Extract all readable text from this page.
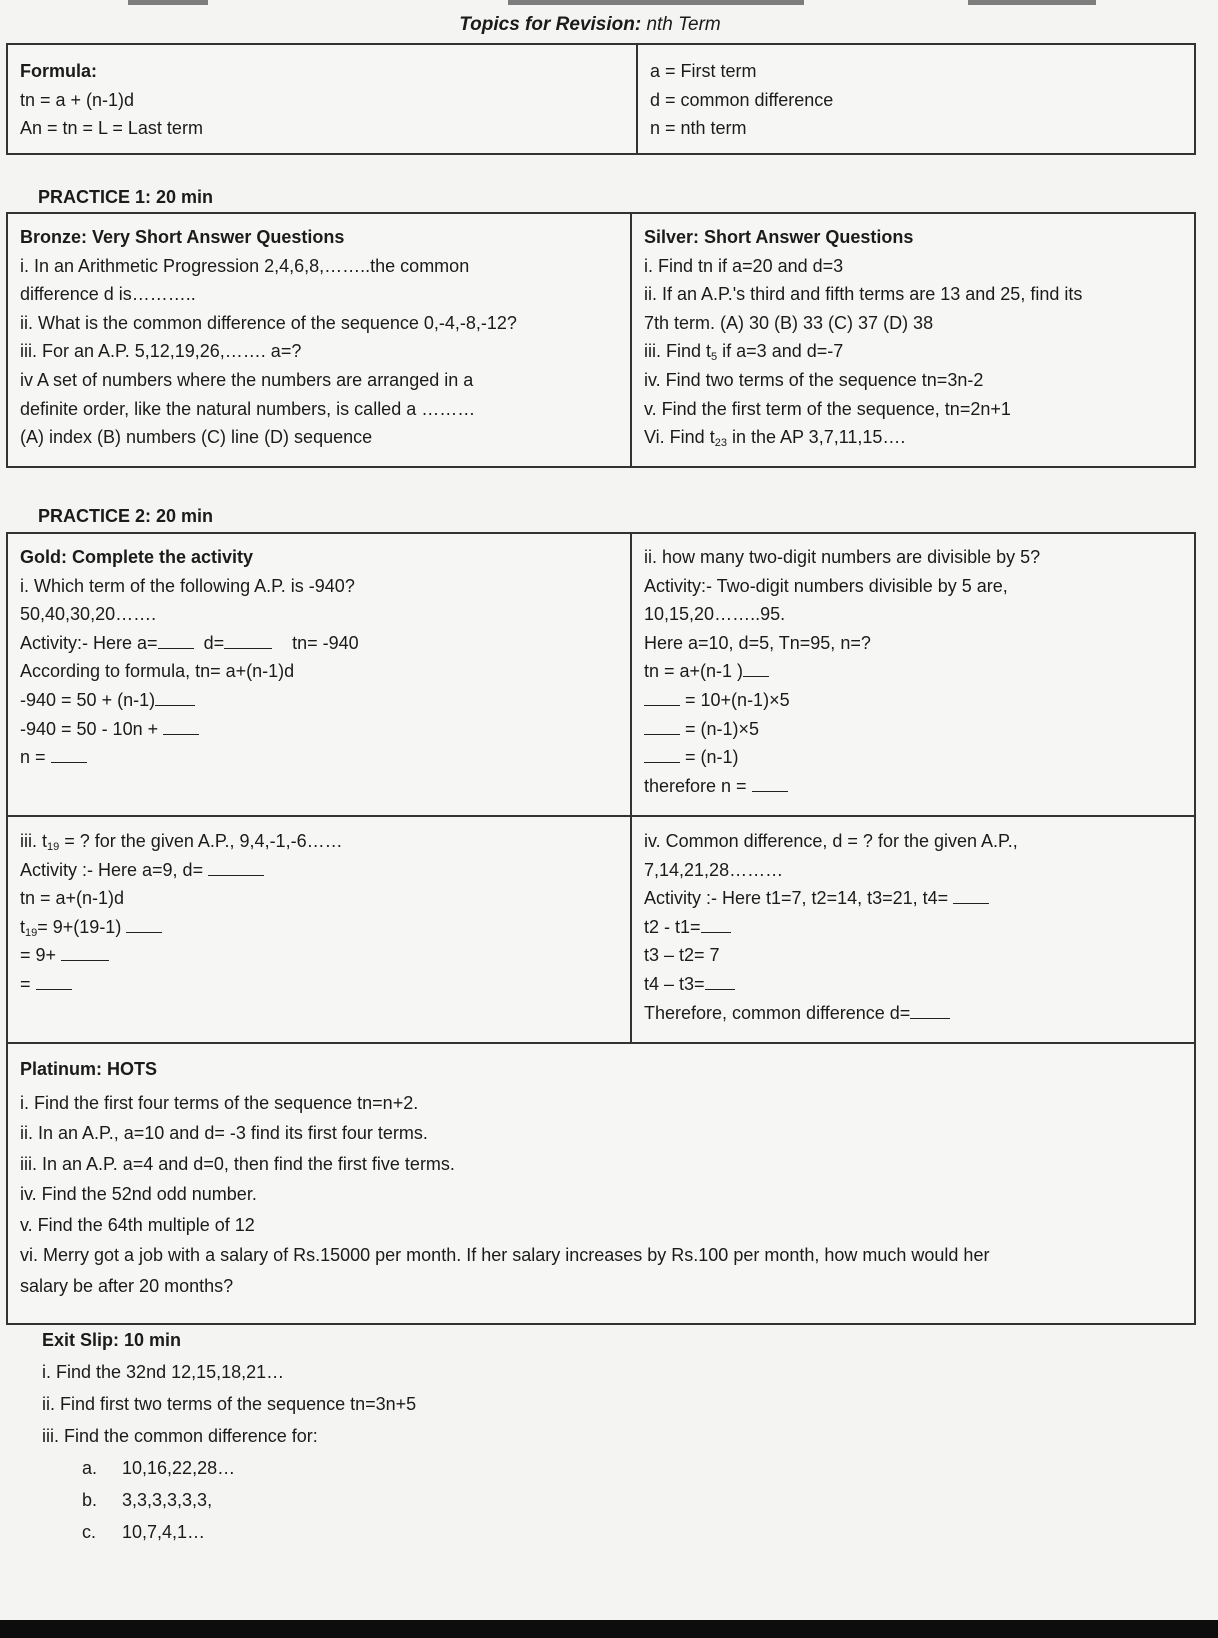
Topics for Revision: nth Term
Formula:
tn = a + (n-1)d
An = tn = L = Last term
a = First term
d = common difference
n = nth term
PRACTICE 1: 20 min
Bronze: Very Short Answer Questions
i. In an Arithmetic Progression 2,4,6,8,……..the common
difference d is………..
ii. What is the common difference of the sequence 0,-4,-8,-12?
iii. For an A.P. 5,12,19,26,……. a=?
iv A set of numbers where the numbers are arranged in a
definite order, like the natural numbers, is called a ………
(A) index (B) numbers (C) line (D) sequence
Silver: Short Answer Questions
i. Find tn if a=20 and d=3
ii. If an A.P.'s third and fifth terms are 13 and 25, find its
7th term. (A) 30 (B) 33 (C) 37 (D) 38
iii. Find $t_5$ if a=3 and d=-7
iv. Find two terms of the sequence tn=3n-2
v. Find the first term of the sequence, tn=2n+1
Vi. Find $t_{23}$ in the AP 3,7,11,15….
PRACTICE 2: 20 min
Gold: Complete the activity
i. Which term of the following A.P. is -940?
50,40,30,20…….
Activity:- Here a=	d=	tn= -940
According to formula, tn= a+(n-1)d
-940 = 50 + (n-1)
-940 = 50 - 10n +
n =
ii. how many two-digit numbers are divisible by 5?
Activity:- Two-digit numbers divisible by 5 are,
10,15,20……..95.
Here a=10, d=5, Tn=95, n=?
tn = a+(n-1 )
= 10+(n-1)×5
= (n-1)×5
= (n-1)
therefore n =
iii. $t_{19}$ = ? for the given A.P., 9,4,-1,-6……
Activity :- Here a=9, d=
tn = a+(n-1)d
$t_{19}= 9+(19-1)$
= 9+
=
iv. Common difference, d = ? for the given A.P.,
7,14,21,28………
Activity :- Here t1=7, t2=14, t3=21, t4=
t2 - t1=
t3 – t2= 7
t4 – t3=
Therefore, common difference d=
Platinum: HOTS
i. Find the first four terms of the sequence tn=n+2.
ii. In an A.P., a=10 and d= -3 find its first four terms.
iii. In an A.P. a=4 and d=0, then find the first five terms.
iv. Find the 52nd odd number.
v. Find the 64th multiple of 12
vi. Merry got a job with a salary of Rs.15000 per month. If her salary increases by Rs.100 per month, how much would her
salary be after 20 months?
Exit Slip: 10 min
i. Find the 32nd 12,15,18,21…
ii. Find first two terms of the sequence tn=3n+5
iii. Find the common difference for:
a. 10,16,22,28…
b. 3,3,3,3,3,3,
c. 10,7,4,1…
